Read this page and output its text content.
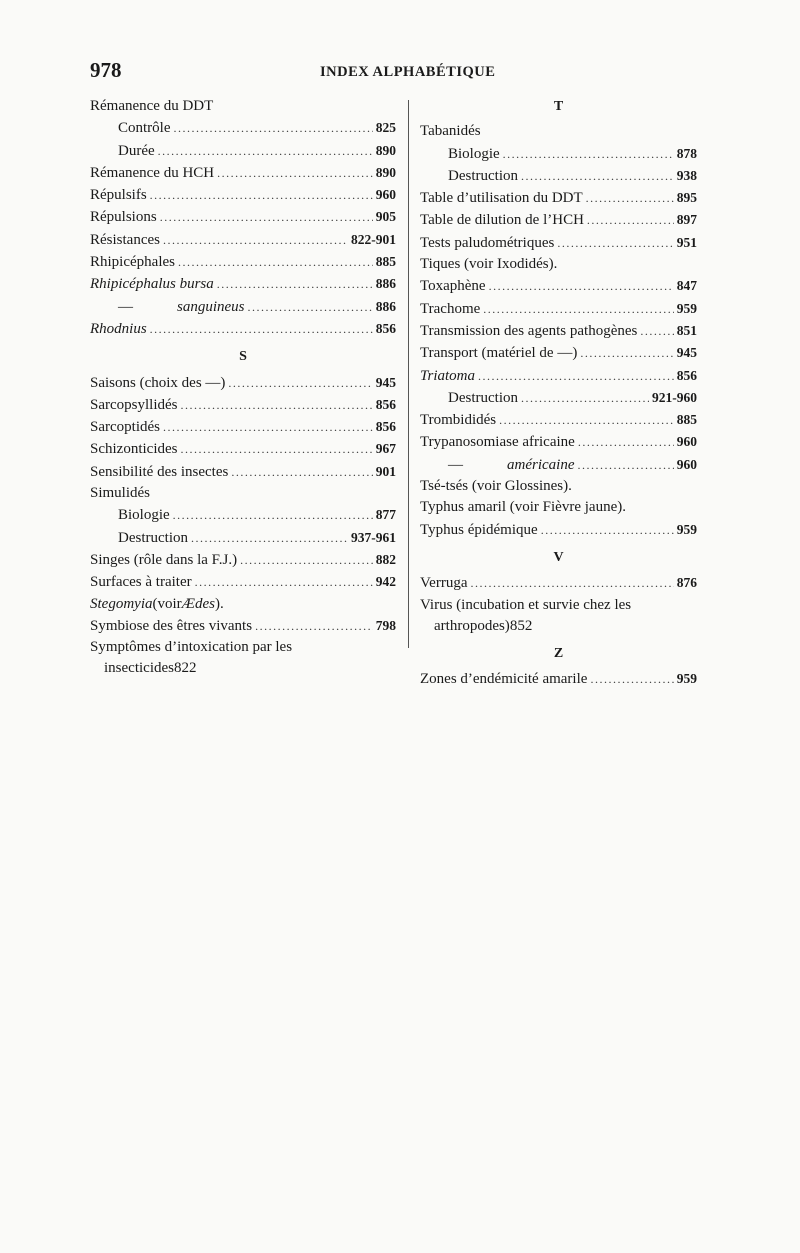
978	INDEX ALPHABÉTIQUE
Rémanence du DDT
Contrôle .....	825
Durée .....	890
Rémanence du HCH .....	890
Répulsifs .....	960
Répulsions .....	905
Résistances .....	822-901
Rhipicéphales .....	885
Rhipicéphalus bursa .....	886
—	sanguineus .....	886
Rhodnius .....	856
S
Saisons (choix des —) .....	945
Sarcopsyllidés .....	856
Sarcoptidés .....	856
Schizonticides .....	967
Sensibilité des insectes .....	901
Simulidés
Biologie .....	877
Destruction .....	937-961
Singes (rôle dans la F.J.) .....	882
Surfaces à traiter .....	942
Stegomyia (voir Ædes ).
Symbiose des êtres vivants .....	798
Symptômes d’intoxication par les
insecticides 822
T
Tabanidés
Biologie .....	878
Destruction .....	938
Table d’utilisation du DDT .....	895
Table de dilution de l’HCH .....	897
Tests paludométriques .....	951
Tiques (voir Ixodidés).
Toxaphène .....	847
Trachome .....	959
Transmission des agents pathogènes .....	851
Transport (matériel de —) .....	945
Triatoma .....	856
Destruction .....	921-960
Trombididés .....	885
Trypanosomiase africaine .....	960
—	américaine .....	960
Tsé-tsés (voir Glossines).
Typhus amaril (voir Fièvre jaune).
Typhus épidémique .....	959
V
Verruga .....	876
Virus (incubation et survie chez les
arthropodes) 852
Z
Zones d’endémicité amarile .....	959
